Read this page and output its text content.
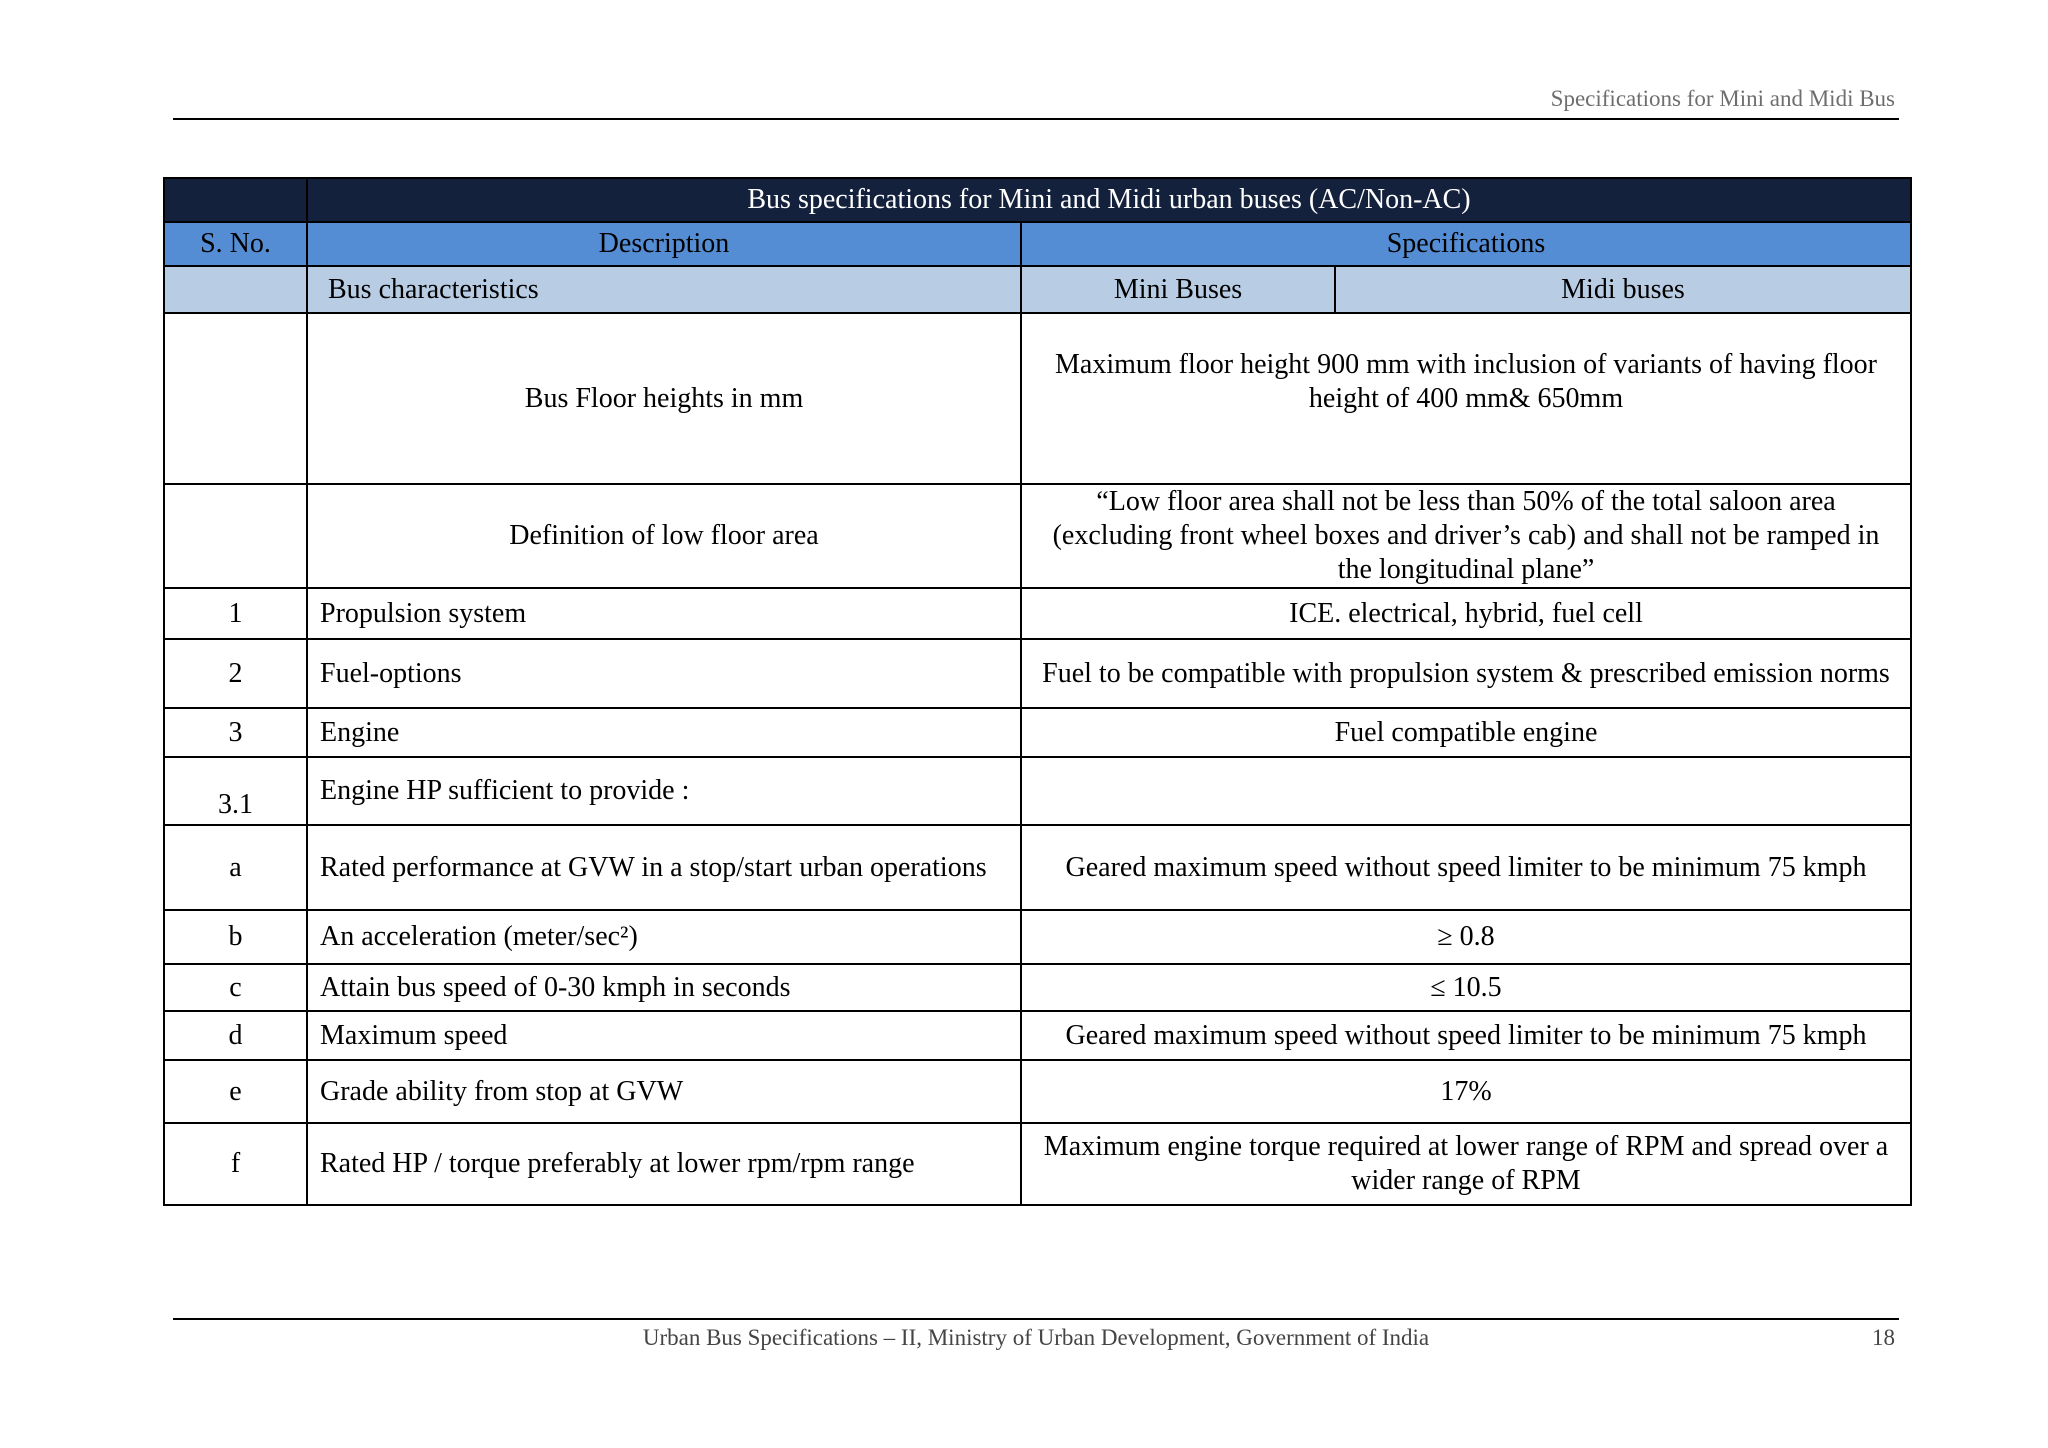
Specifications for Mini and Midi Bus
	Bus specifications for Mini and Midi urban buses (AC/Non-AC)		
S. No.	Description	Specifications	
	Bus characteristics	Mini Buses	Midi buses
	Bus Floor heights in mm	Maximum floor height 900 mm with inclusion of variants of having floor height of 400 mm& 650mm	
	Definition of low floor area	“Low floor area shall not be less than 50% of the total saloon area (excluding front wheel boxes and driver’s cab) and shall not be ramped in the longitudinal plane”	
1	Propulsion system	ICE. electrical, hybrid, fuel cell	
2	Fuel-options	Fuel to be compatible with propulsion system & prescribed emission norms	
3	Engine	Fuel compatible engine	
3.1	Engine HP sufficient to provide :		
a	Rated performance at GVW in a stop/start urban operations	Geared maximum speed without speed limiter to be minimum 75 kmph	
b	An acceleration (meter/sec²)	≥ 0.8	
c	Attain bus speed of 0-30 kmph in seconds	≤ 10.5	
d	Maximum speed	Geared maximum speed without speed limiter to be minimum 75 kmph	
e	Grade ability from stop at GVW	17%	
f	Rated HP / torque preferably at lower rpm/rpm range	Maximum engine torque required at lower range of RPM and spread over a wider range of RPM	
Urban Bus Specifications – II, Ministry of Urban Development, Government of India	18
